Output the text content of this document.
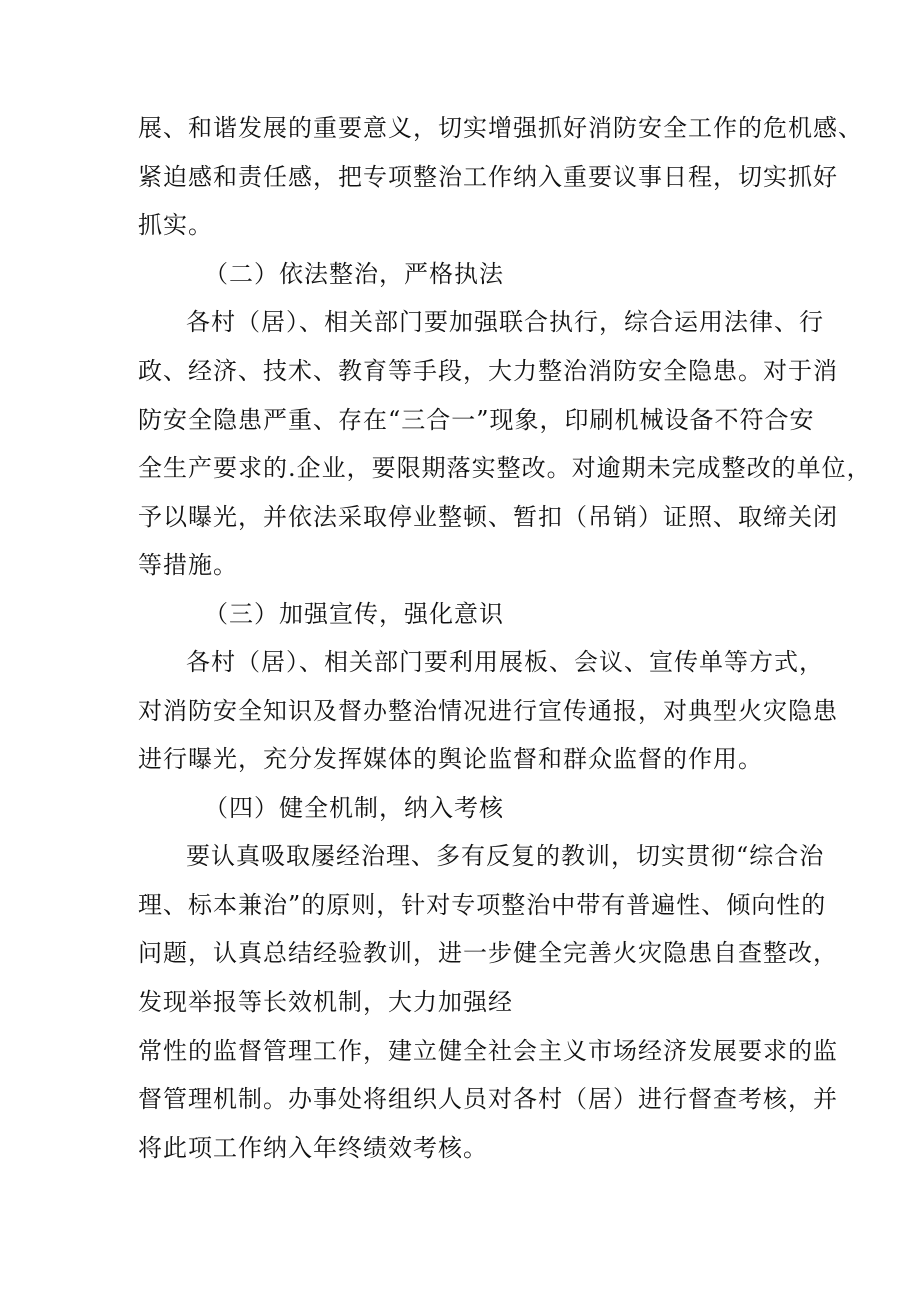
展、和谐发展的重要意义，切实增强抓好消防安全工作的危机感、
紧迫感和责任感，把专项整治工作纳入重要议事日程，切实抓好
抓实。
（二）依法整治，严格执法
各村（居）、相关部门要加强联合执行，综合运用法律、行
政、经济、技术、教育等手段，大力整治消防安全隐患。对于消
防安全隐患严重、存在“三合一”现象，印刷机械设备不符合安
全生产要求的.企业，要限期落实整改。对逾期未完成整改的单位，
予以曝光，并依法采取停业整顿、暂扣（吊销）证照、取缔关闭
等措施。
（三）加强宣传，强化意识
各村（居）、相关部门要利用展板、会议、宣传单等方式，
对消防安全知识及督办整治情况进行宣传通报，对典型火灾隐患
进行曝光，充分发挥媒体的舆论监督和群众监督的作用。
（四）健全机制，纳入考核
要认真吸取屡经治理、多有反复的教训，切实贯彻“综合治
理、标本兼治”的原则，针对专项整治中带有普遍性、倾向性的
问题，认真总结经验教训，进一步健全完善火灾隐患自查整改，
发现举报等长效机制，大力加强经
常性的监督管理工作，建立健全社会主义市场经济发展要求的监
督管理机制。办事处将组织人员对各村（居）进行督查考核，并
将此项工作纳入年终绩效考核。
